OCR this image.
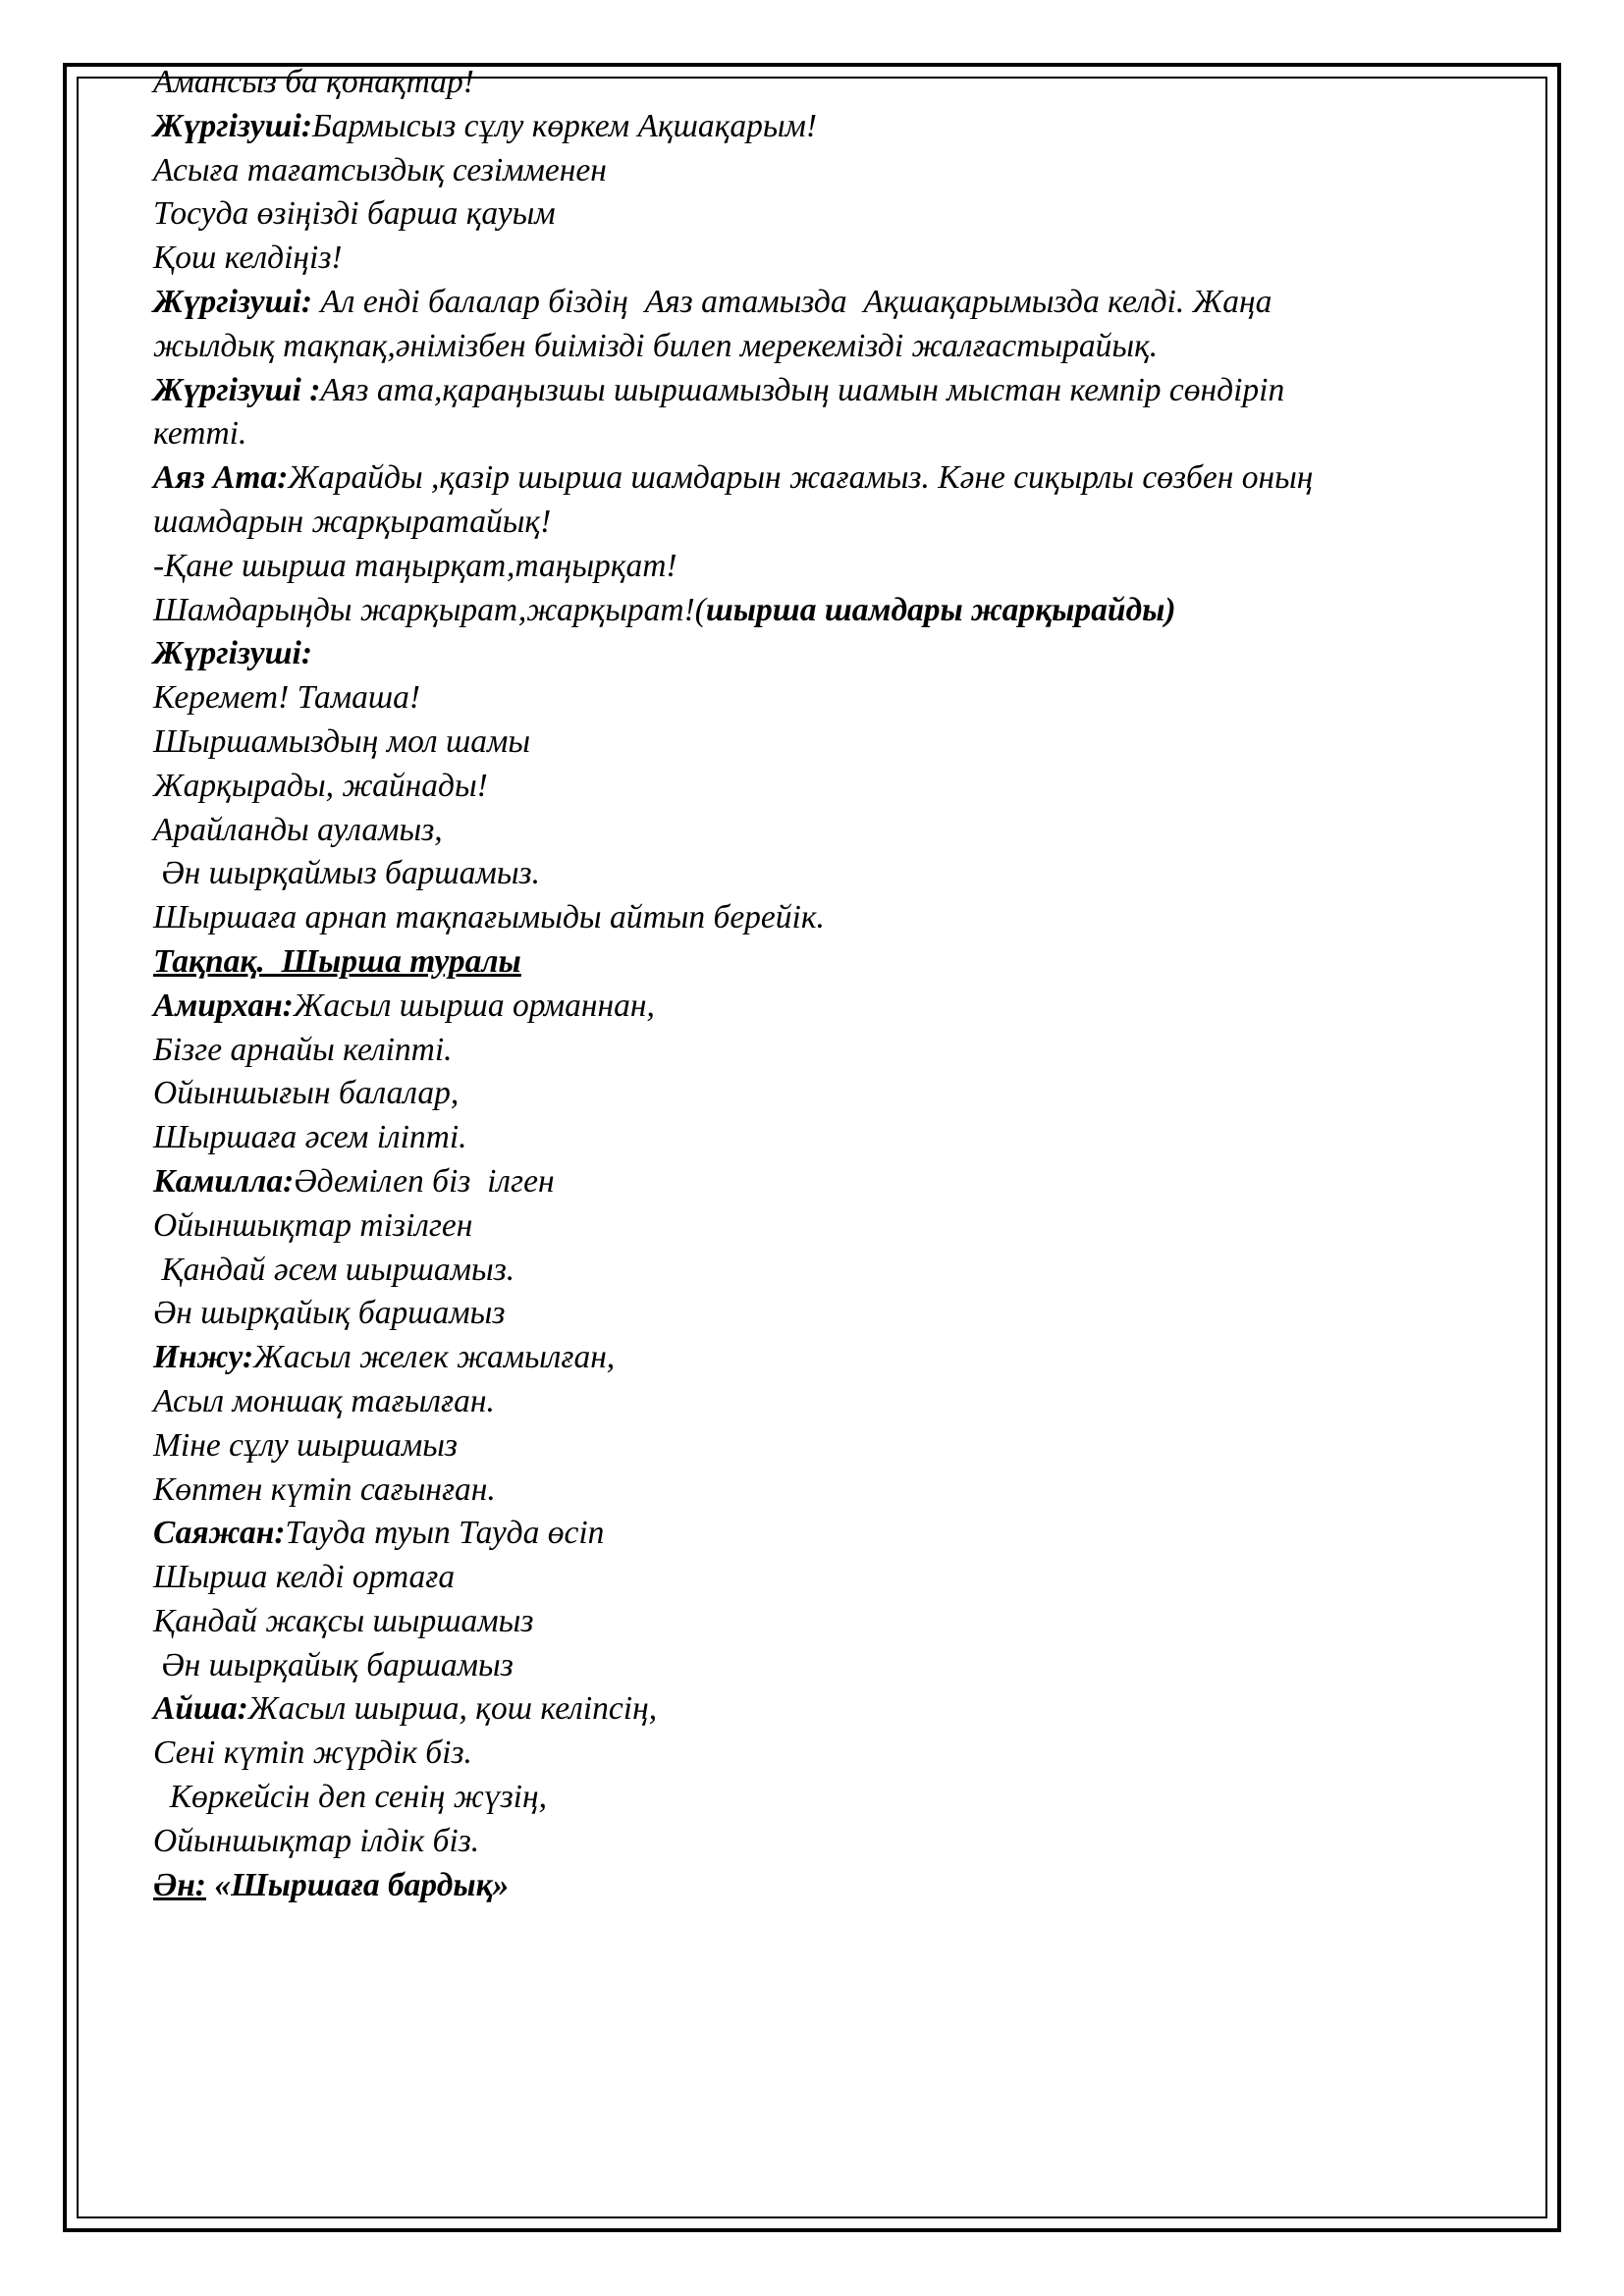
Амансыз ба қонақтар!
Жүргізуші:Бармысыз сұлу көркем Ақшақарым!
Асыға тағатсыздық сезімменен
Тосуда өзіңізді барша қауым
Қош келдіңіз!
Жүргізуші: Ал енді балалар біздің  Аяз атамызда  Ақшақарымызда келді. Жаңа
жылдық тақпақ,әнімізбен биімізді билеп мерекемізді жалғастырайық.
Жүргізуші :Аяз ата,қараңызшы шыршамыздың шамын мыстан кемпір сөндіріп
кетті.
Аяз Ата:Жарайды ,қазір шырша шамдарын жағамыз. Кәне сиқырлы сөзбен оның
шамдарын жарқыратайық!
-Қане шырша таңырқат,таңырқат!
Шамдарыңды жарқырат,жарқырат!(шырша шамдары жарқырайды)
Жүргізуші:
Керемет! Тамаша!
Шыршамыздың мол шамы
Жарқырады, жайнады!
Арайланды ауламыз,
Ән шырқаймыз баршамыз.
Шыршаға арнап тақпағымыды айтып берейік.
Тақпақ.  Шырша туралы
Амирхан:Жасыл шырша орманнан,
Бізге арнайы келіпті.
Ойыншығын балалар,
Шыршаға әсем іліпті.
Камилла:Әдемілеп біз  ілген
Ойыншықтар тізілген
Қандай әсем шыршамыз.
Ән шырқайық баршамыз
Инжу:Жасыл желек жамылған,
Асыл моншақ тағылған.
Міне сұлу шыршамыз
Көптен күтіп сағынған.
Саяжан:Тауда туып Тауда өсіп
Шырша келді ортаға
Қандай жақсы шыршамыз
Ән шырқайық баршамыз
Айша:Жасыл шырша, қош келіпсің,
Сені күтіп жүрдік біз.
Көркейсін деп сенің жүзің,
Ойыншықтар ілдік біз.
Ән: «Шыршаға бардық»
